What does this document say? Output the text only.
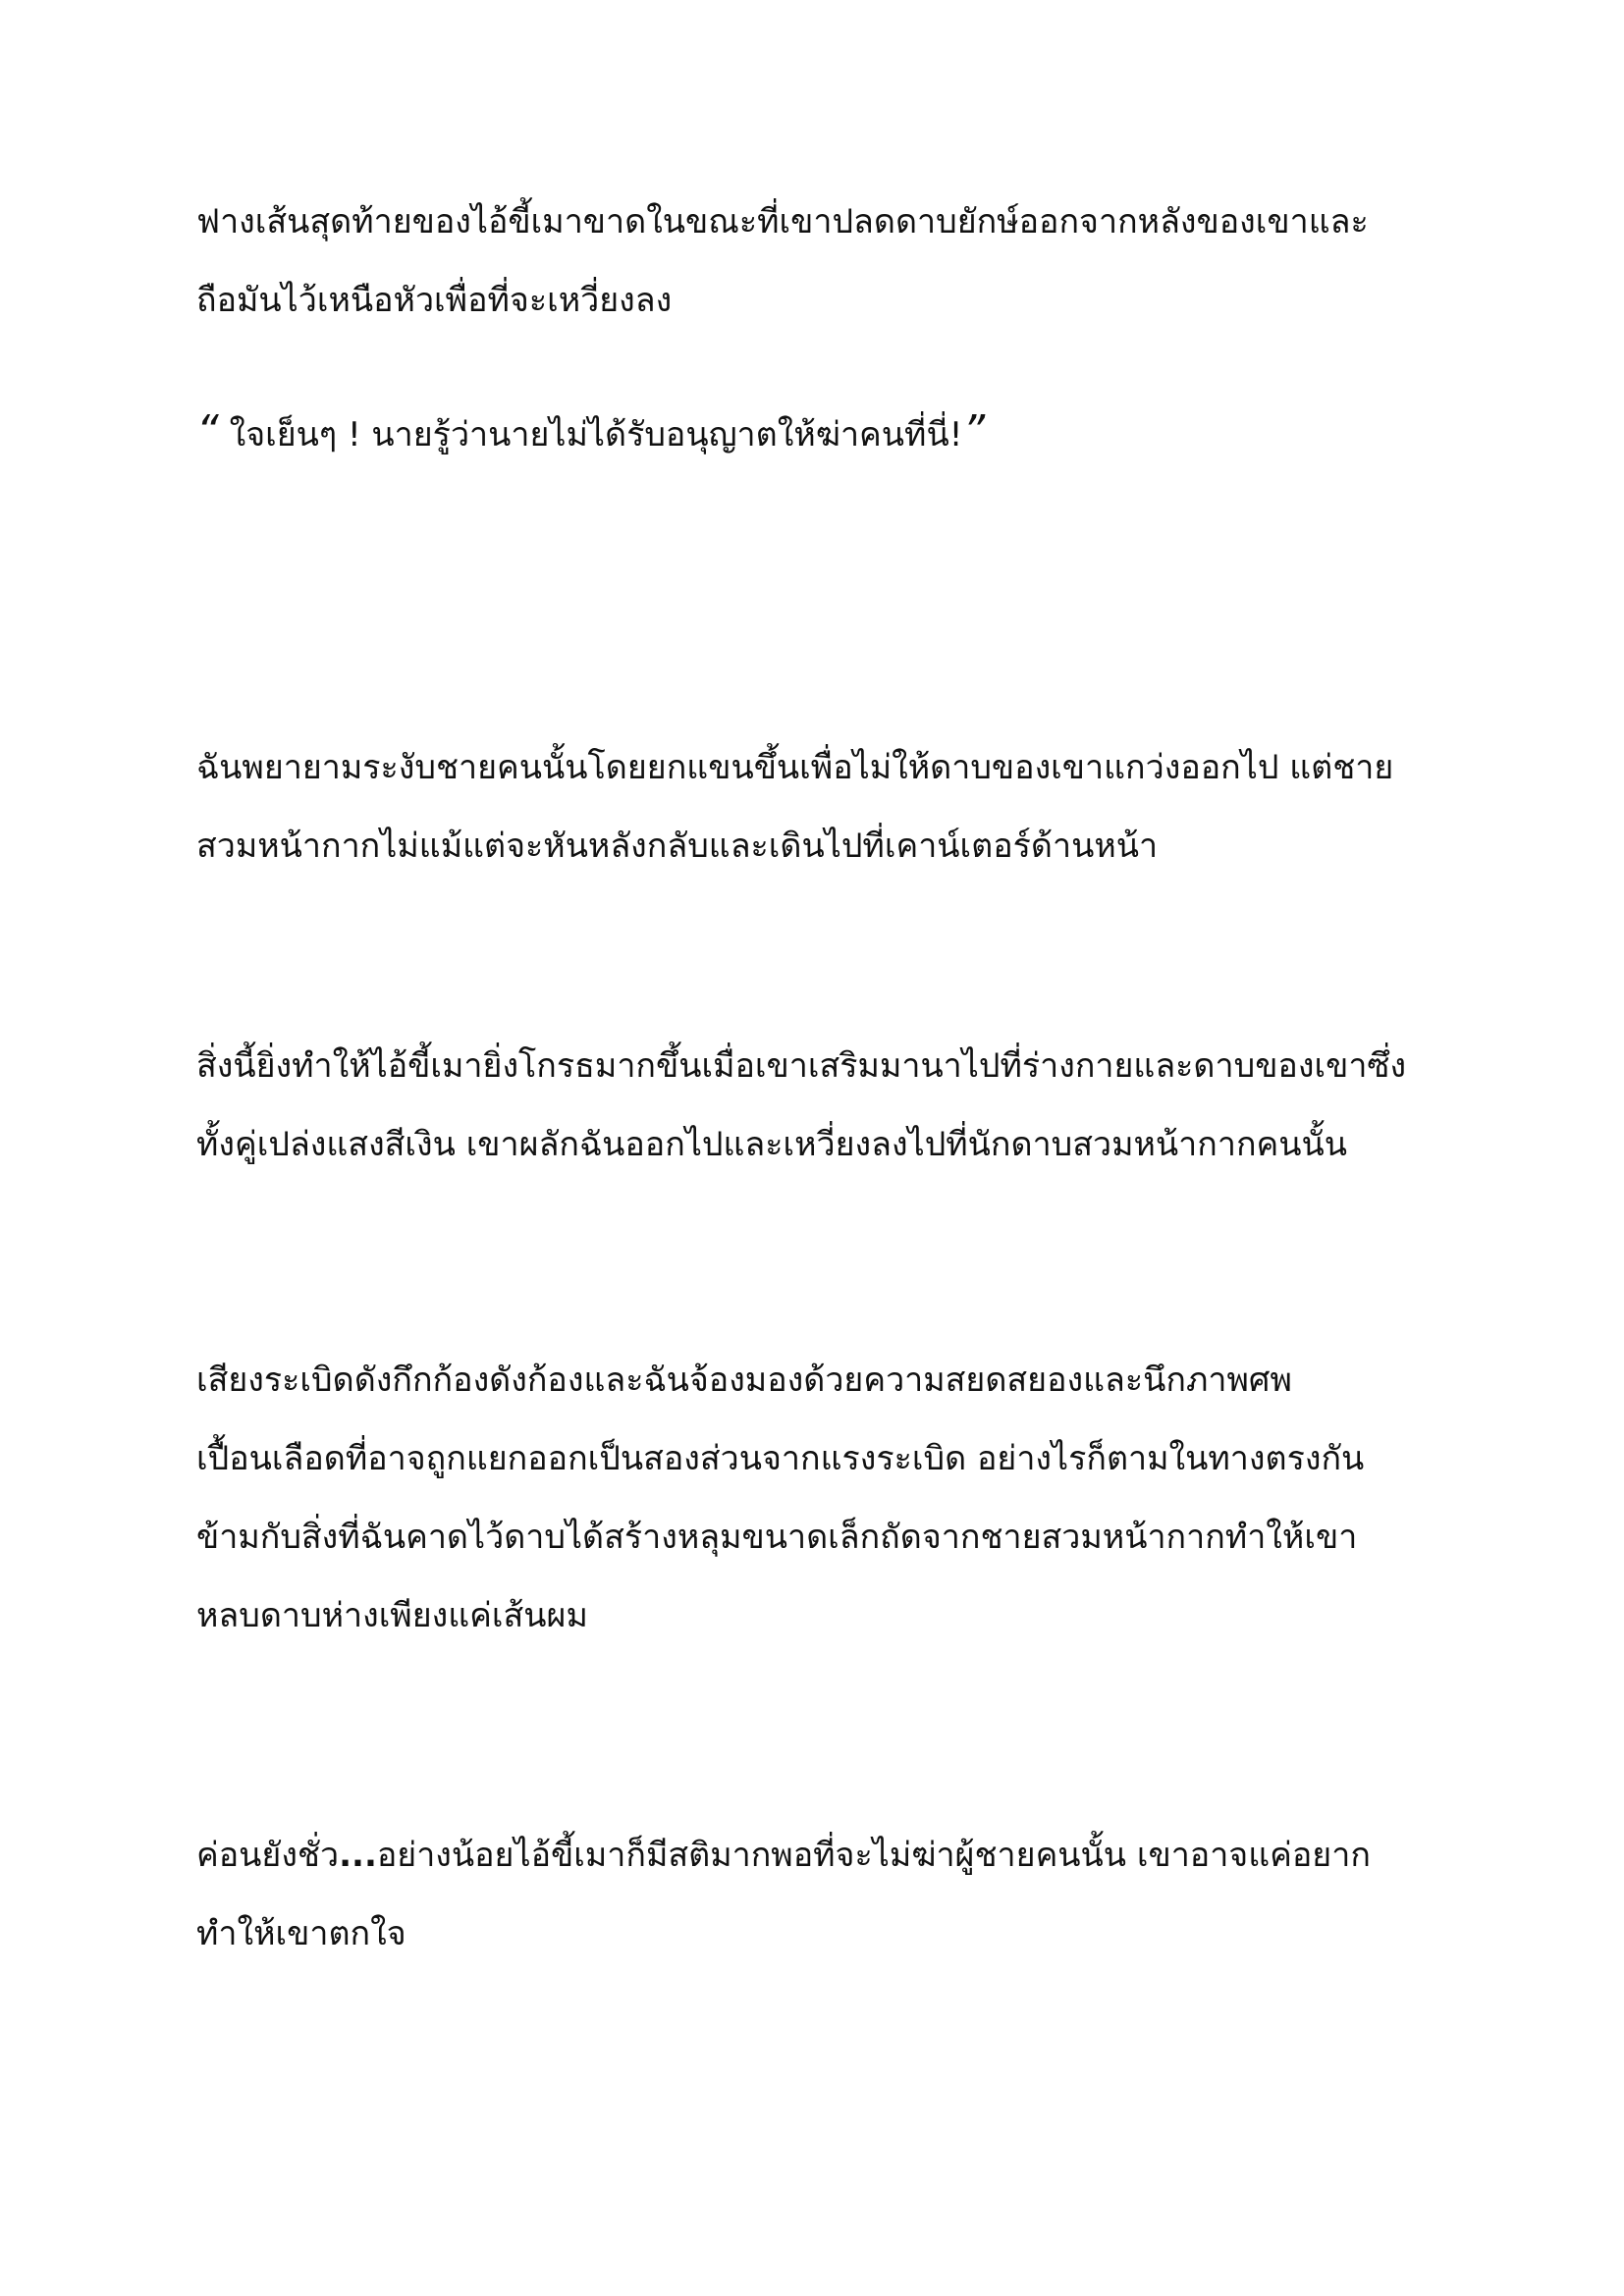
ฟางเส้นสุดท้ายของไอ้ขี้เมาขาดในขณะที่เขาปลดดาบยักษ์ออกจากหลังของเขาและ
ถือมันไว้เหนือหัวเพื่อที่จะเหวี่ยงลง

“ ใจเย็นๆ ! นายรู้ว่านายไม่ได้รับอนุญาตให้ฆ่าคนที่นี่!”

ฉันพยายามระงับชายคนนั้นโดยยกแขนขึ้นเพื่อไม่ให้ดาบของเขาแกว่งออกไป แต่ชาย
สวมหน้ากากไม่แม้แต่จะหันหลังกลับและเดินไปที่เคาน์เตอร์ด้านหน้า

สิ่งนี้ยิ่งทำให้ไอ้ขี้เมายิ่งโกรธมากขึ้นเมื่อเขาเสริมมานาไปที่ร่างกายและดาบของเขาซึ่ง
ทั้งคู่เปล่งแสงสีเงิน เขาผลักฉันออกไปและเหวี่ยงลงไปที่นักดาบสวมหน้ากากคนนั้น

เสียงระเบิดดังกึกก้องดังก้องและฉันจ้องมองด้วยความสยดสยองและนึกภาพศพ
เปื้อนเลือดที่อาจถูกแยกออกเป็นสองส่วนจากแรงระเบิด อย่างไรก็ตามในทางตรงกัน
ข้ามกับสิ่งที่ฉันคาดไว้ดาบได้สร้างหลุมขนาดเล็กถัดจากชายสวมหน้ากากทำให้เขา
หลบดาบห่างเพียงแค่เส้นผม

ค่อนยังชั่ว...อย่างน้อยไอ้ขี้เมาก็มีสติมากพอที่จะไม่ฆ่าผู้ชายคนนั้น เขาอาจแค่อยาก
ทำให้เขาตกใจ
